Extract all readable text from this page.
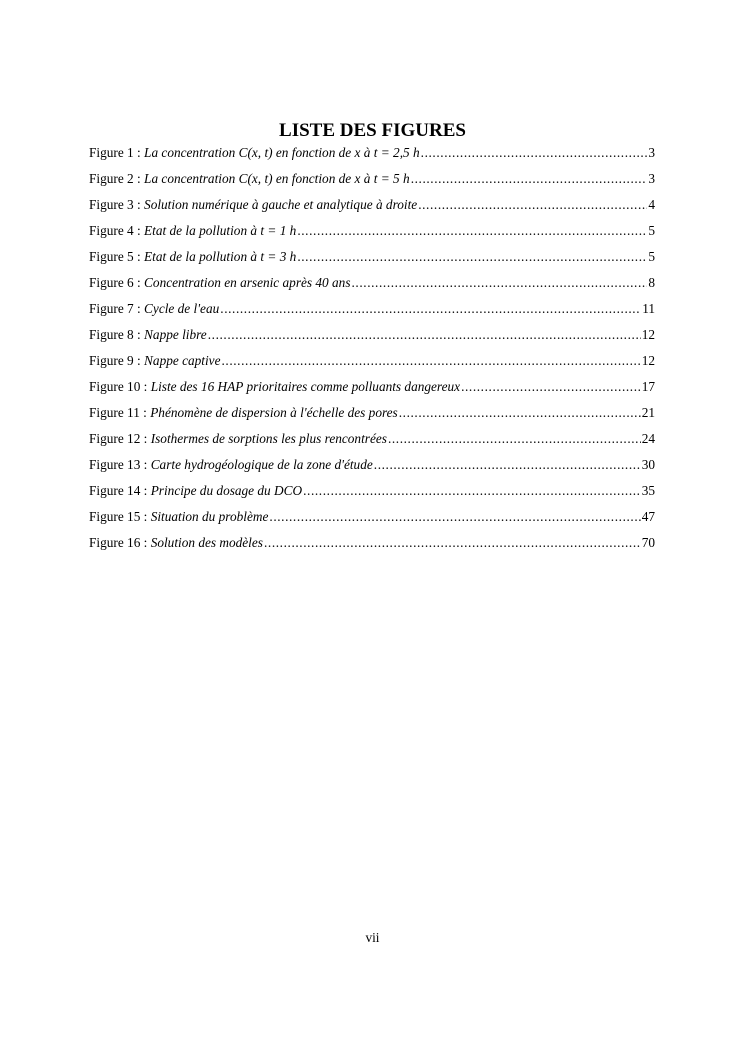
LISTE DES FIGURES
Figure 1 : La concentration C(x, t) en fonction de x à t = 2,5 h .....	3
Figure 2 : La concentration C(x, t) en fonction de x à t = 5 h .....	3
Figure 3 : Solution numérique à gauche et analytique à droite .....	4
Figure 4 : Etat de la pollution à t = 1 h .....	5
Figure 5 : Etat de la pollution à t = 3 h .....	5
Figure 6 : Concentration en arsenic après 40 ans .....	8
Figure 7 : Cycle de l'eau .....	11
Figure 8 : Nappe libre .....	12
Figure 9 : Nappe captive .....	12
Figure 10 : Liste des 16 HAP prioritaires comme polluants dangereux .....	17
Figure 11 : Phénomène de dispersion à l'échelle des pores .....	21
Figure 12 : Isothermes de sorptions les plus rencontrées .....	24
Figure 13 : Carte hydrogéologique de la zone d'étude .....	30
Figure 14 : Principe du dosage du DCO .....	35
Figure 15 : Situation du problème .....	47
Figure 16 : Solution des modèles .....	70
vii
